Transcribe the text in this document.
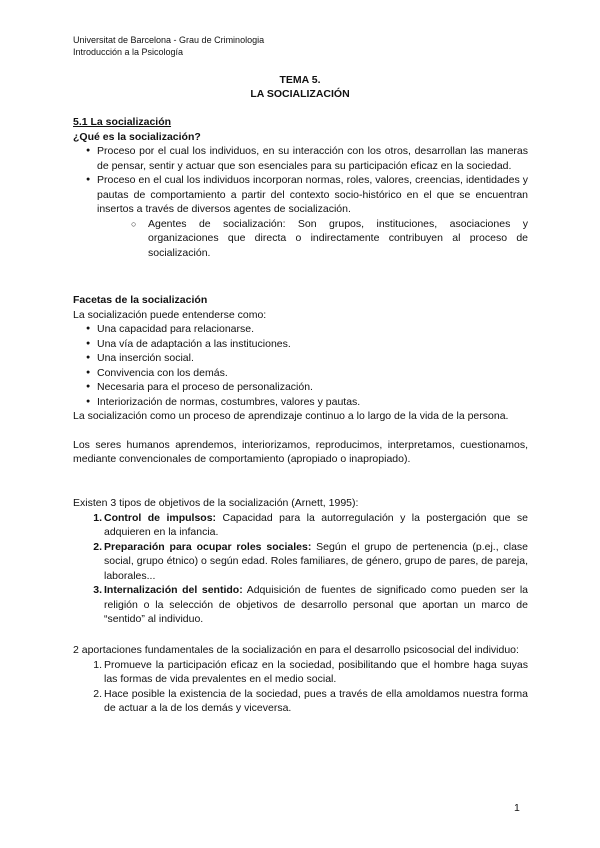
Universitat de Barcelona - Grau de Criminologia
Introducción a la Psicología
TEMA 5.
LA SOCIALIZACIÓN
5.1 La socialización
¿Qué es la socialización?
● Proceso por el cual los individuos, en su interacción con los otros, desarrollan las maneras de pensar, sentir y actuar que son esenciales para su participación eficaz en la sociedad.
● Proceso en el cual los individuos incorporan normas, roles, valores, creencias, identidades y pautas de comportamiento a partir del contexto socio-histórico en el que se encuentran insertos a través de diversos agentes de socialización.
○ Agentes de socialización: Son grupos, instituciones, asociaciones y organizaciones que directa o indirectamente contribuyen al proceso de socialización.
Facetas de la socialización
La socialización puede entenderse como:
● Una capacidad para relacionarse.
● Una vía de adaptación a las instituciones.
● Una inserción social.
● Convivencia con los demás.
● Necesaria para el proceso de personalización.
● Interiorización de normas, costumbres, valores y pautas.
La socialización como un proceso de aprendizaje continuo a lo largo de la vida de la persona.
Los seres humanos aprendemos, interiorizamos, reproducimos, interpretamos, cuestionamos, mediante convencionales de comportamiento (apropiado o inapropiado).
Existen 3 tipos de objetivos de la socialización (Arnett, 1995):
1. Control de impulsos: Capacidad para la autorregulación y la postergación que se adquieren en la infancia.
2. Preparación para ocupar roles sociales: Según el grupo de pertenencia (p.ej., clase social, grupo étnico) o según edad. Roles familiares, de género, grupo de pares, de pareja, laborales...
3. Internalización del sentido: Adquisición de fuentes de significado como pueden ser la religión o la selección de objetivos de desarrollo personal que aportan un marco de “sentido” al individuo.
2 aportaciones fundamentales de la socialización en para el desarrollo psicosocial del individuo:
1. Promueve la participación eficaz en la sociedad, posibilitando que el hombre haga suyas las formas de vida prevalentes en el medio social.
2. Hace posible la existencia de la sociedad, pues a través de ella amoldamos nuestra forma de actuar a la de los demás y viceversa.
1
